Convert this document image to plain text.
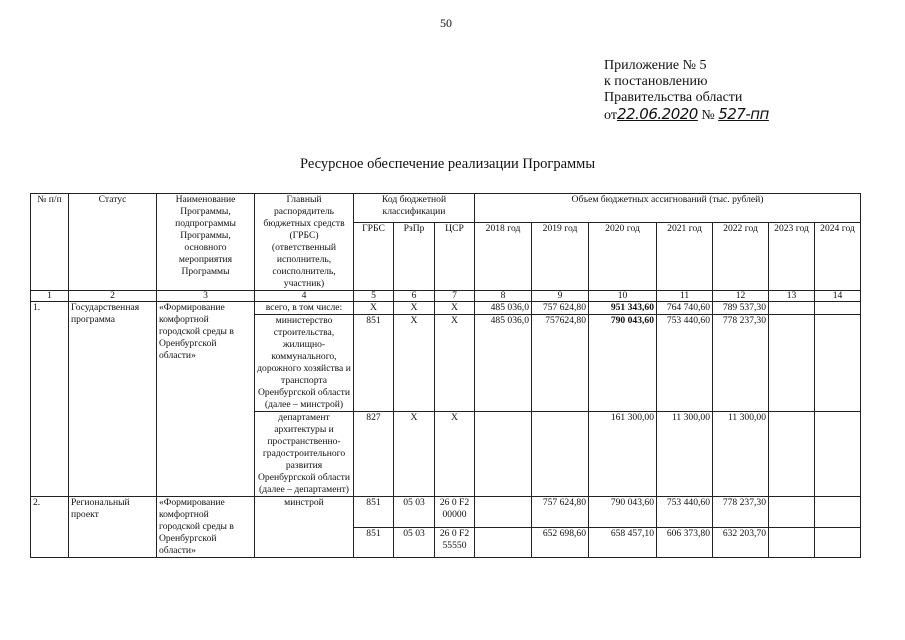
50
Приложение № 5
к постановлению
Правительства области
от22.06.2020 № 527-пп
Ресурсное обеспечение реализации Программы
№ п/п	Статус	Наименование Программы, подпрограммы Программы, основного мероприятия Программы	Главный распорядитель бюджетных средств (ГРБС) (ответственный исполнитель, соисполнитель, участник)	Код бюджетной классификации			Объем бюджетных ассигнований (тыс. рублей)						
				ГРБС	РзПр	ЦСР	2018 год	2019 год	2020 год	2021 год	2022 год	2023 год	2024 год
1	2	3	4	5	6	7	8	9	10	11	12	13	14
1.	Государственная программа	«Формирование комфортной городской среды в Оренбургской области»	всего, в том числе:	X	X	X	485 036,0	757 624,80	951 343,60	764 740,60	789 537,30		
			министерство строительства, жилищно-коммунального, дорожного хозяйства и транспорта Оренбургской области (далее – минстрой)	851	X	X	485 036,0	757624,80	790 043,60	753 440,60	778 237,30		
			департамент архитектуры и пространственно-градостроительного развития Оренбургской области (далее – департамент)	827	X	X			161 300,00	11 300,00	11 300,00		
2.	Региональный проект	«Формирование комфортной городской среды в Оренбургской области»	минстрой	851	05 03	26 0 F2 00000		757 624,80	790 043,60	753 440,60	778 237,30		
				851	05 03	26 0 F2 55550		652 698,60	658 457,10	606 373,80	632 203,70		
